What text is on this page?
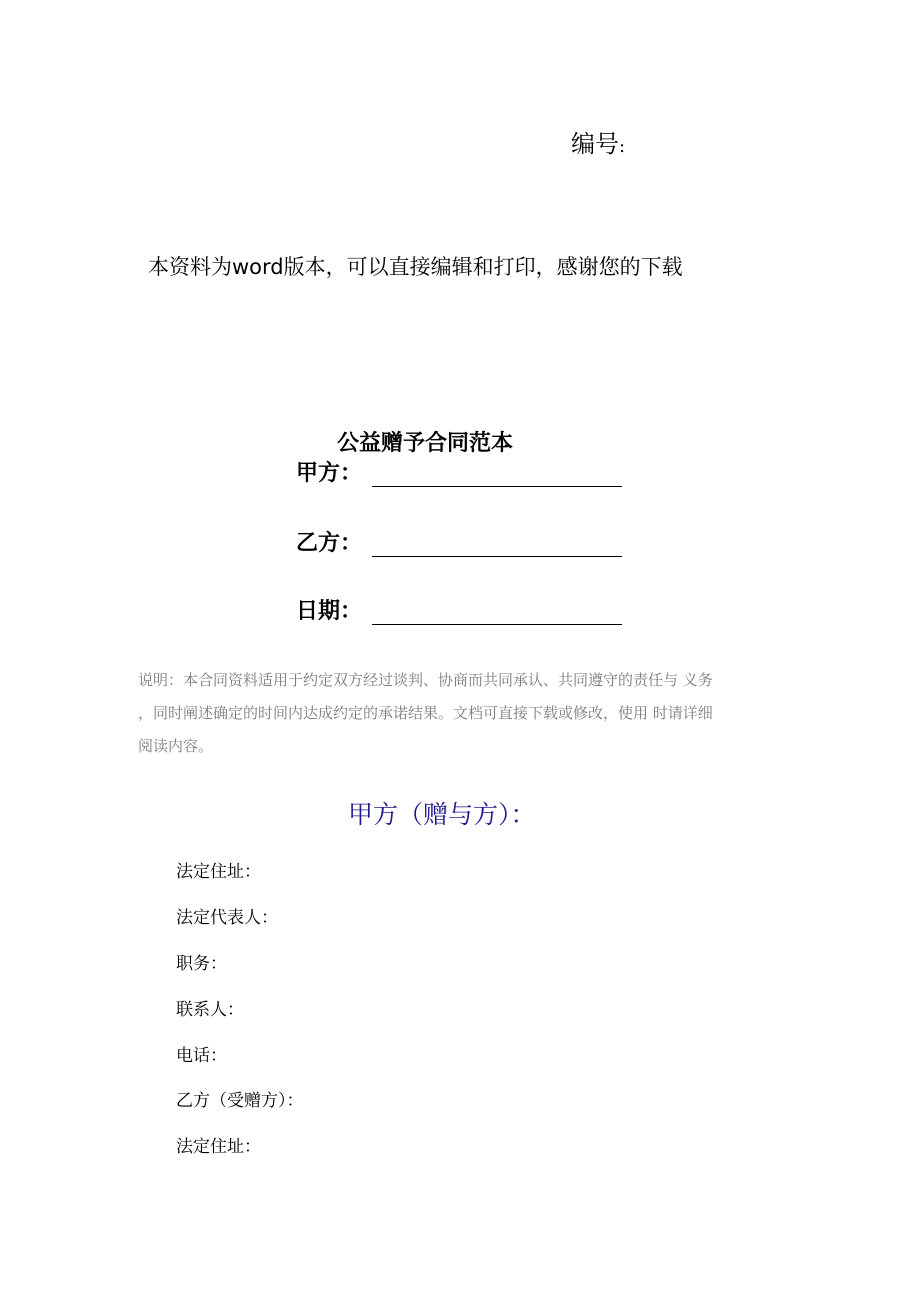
编号:
本资料为word版本，可以直接编辑和打印，感谢您的下载
公益赠予合同范本
甲方：
乙方：
日期：
说明：本合同资料适用于约定双方经过谈判、协商而共同承认、共同遵守的责任与 义务
，同时阐述确定的时间内达成约定的承诺结果。文档可直接下载或修改，使用 时请详细
阅读内容。
甲方（赠与方）：
法定住址：
法定代表人：
职务：
联系人：
电话：
乙方（受赠方）：
法定住址：
